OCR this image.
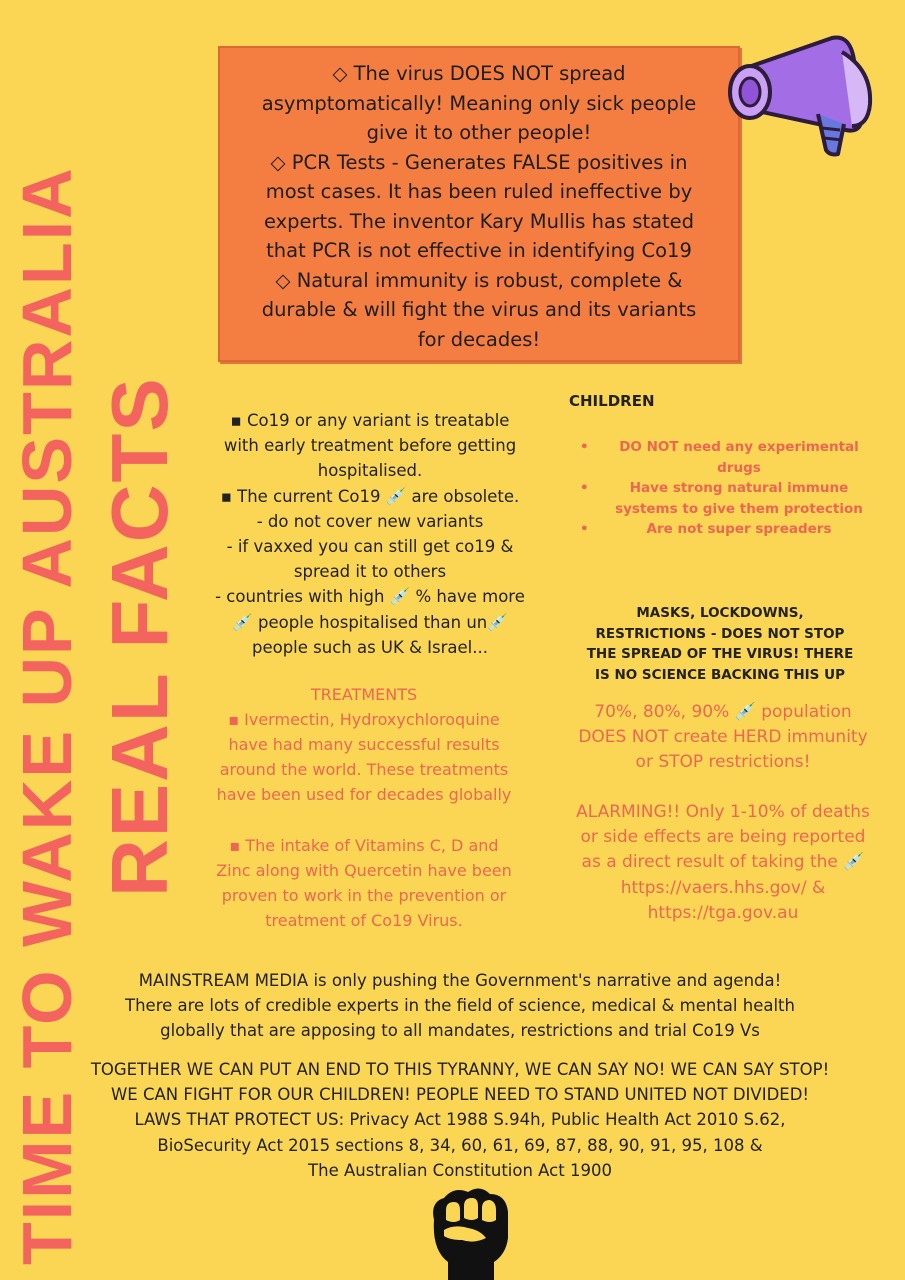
TIME TO WAKE UP AUSTRALIA REAL FACTS
◇ The virus DOES NOT spread
asymptomatically! Meaning only sick people
give it to other people!
◇ PCR Tests - Generates FALSE positives in
most cases. It has been ruled ineffective by
experts. The inventor Kary Mullis has stated
that PCR is not effective in identifying Co19
◇ Natural immunity is robust, complete &
durable & will fight the virus and its variants
for decades!
▪ Co19 or any variant is treatable
with early treatment before getting
hospitalised.
▪ The current Co19 💉 are obsolete.
- do not cover new variants
- if vaxxed you can still get co19 &
spread it to others
- countries with high 💉 % have more
💉 people hospitalised than un💉
people such as UK & Israel...
TREATMENTS
▪ Ivermectin, Hydroxychloroquine
have had many successful results
around the world. These treatments
have been used for decades globally
▪ The intake of Vitamins C, D and
Zinc along with Quercetin have been
proven to work in the prevention or
treatment of Co19 Virus.
CHILDREN
•	DO NOT need any experimental
drugs
•	Have strong natural immune
systems to give them protection
•	Are not super spreaders
MASKS, LOCKDOWNS,
RESTRICTIONS - DOES NOT STOP
THE SPREAD OF THE VIRUS! THERE
IS NO SCIENCE BACKING THIS UP
70%, 80%, 90% 💉 population
DOES NOT create HERD immunity
or STOP restrictions!
ALARMING!! Only 1-10% of deaths
or side effects are being reported
as a direct result of taking the 💉
https://vaers.hhs.gov/ &
https://tga.gov.au
MAINSTREAM MEDIA is only pushing the Government's narrative and agenda!
There are lots of credible experts in the field of science, medical & mental health
globally that are apposing to all mandates, restrictions and trial Co19 Vs
TOGETHER WE CAN PUT AN END TO THIS TYRANNY, WE CAN SAY NO! WE CAN SAY STOP!
WE CAN FIGHT FOR OUR CHILDREN! PEOPLE NEED TO STAND UNITED NOT DIVIDED!
LAWS THAT PROTECT US: Privacy Act 1988 S.94h, Public Health Act 2010 S.62,
BioSecurity Act 2015 sections 8, 34, 60, 61, 69, 87, 88, 90, 91, 95, 108 &
The Australian Constitution Act 1900
